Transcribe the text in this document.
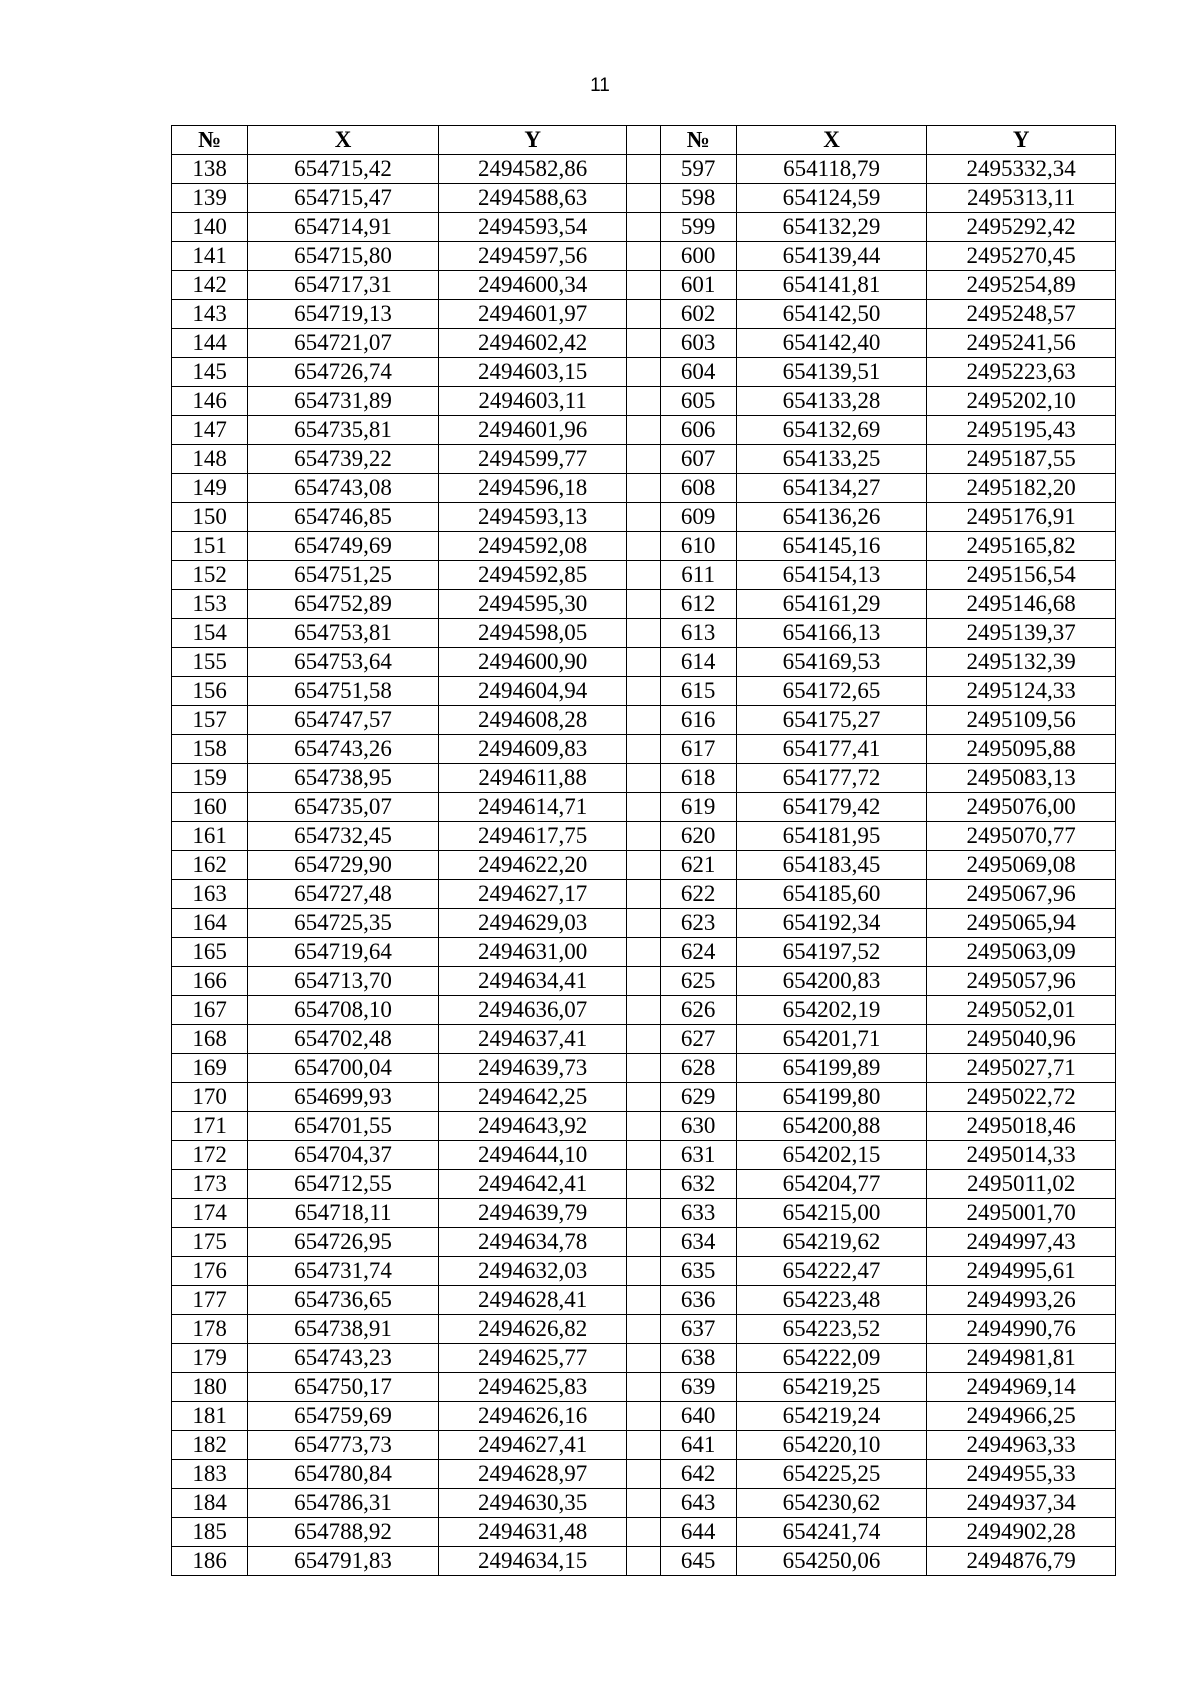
11
№	X	Y		№	X	Y
138	654715,42	2494582,86		597	654118,79	2495332,34
139	654715,47	2494588,63		598	654124,59	2495313,11
140	654714,91	2494593,54		599	654132,29	2495292,42
141	654715,80	2494597,56		600	654139,44	2495270,45
142	654717,31	2494600,34		601	654141,81	2495254,89
143	654719,13	2494601,97		602	654142,50	2495248,57
144	654721,07	2494602,42		603	654142,40	2495241,56
145	654726,74	2494603,15		604	654139,51	2495223,63
146	654731,89	2494603,11		605	654133,28	2495202,10
147	654735,81	2494601,96		606	654132,69	2495195,43
148	654739,22	2494599,77		607	654133,25	2495187,55
149	654743,08	2494596,18		608	654134,27	2495182,20
150	654746,85	2494593,13		609	654136,26	2495176,91
151	654749,69	2494592,08		610	654145,16	2495165,82
152	654751,25	2494592,85		611	654154,13	2495156,54
153	654752,89	2494595,30		612	654161,29	2495146,68
154	654753,81	2494598,05		613	654166,13	2495139,37
155	654753,64	2494600,90		614	654169,53	2495132,39
156	654751,58	2494604,94		615	654172,65	2495124,33
157	654747,57	2494608,28		616	654175,27	2495109,56
158	654743,26	2494609,83		617	654177,41	2495095,88
159	654738,95	2494611,88		618	654177,72	2495083,13
160	654735,07	2494614,71		619	654179,42	2495076,00
161	654732,45	2494617,75		620	654181,95	2495070,77
162	654729,90	2494622,20		621	654183,45	2495069,08
163	654727,48	2494627,17		622	654185,60	2495067,96
164	654725,35	2494629,03		623	654192,34	2495065,94
165	654719,64	2494631,00		624	654197,52	2495063,09
166	654713,70	2494634,41		625	654200,83	2495057,96
167	654708,10	2494636,07		626	654202,19	2495052,01
168	654702,48	2494637,41		627	654201,71	2495040,96
169	654700,04	2494639,73		628	654199,89	2495027,71
170	654699,93	2494642,25		629	654199,80	2495022,72
171	654701,55	2494643,92		630	654200,88	2495018,46
172	654704,37	2494644,10		631	654202,15	2495014,33
173	654712,55	2494642,41		632	654204,77	2495011,02
174	654718,11	2494639,79		633	654215,00	2495001,70
175	654726,95	2494634,78		634	654219,62	2494997,43
176	654731,74	2494632,03		635	654222,47	2494995,61
177	654736,65	2494628,41		636	654223,48	2494993,26
178	654738,91	2494626,82		637	654223,52	2494990,76
179	654743,23	2494625,77		638	654222,09	2494981,81
180	654750,17	2494625,83		639	654219,25	2494969,14
181	654759,69	2494626,16		640	654219,24	2494966,25
182	654773,73	2494627,41		641	654220,10	2494963,33
183	654780,84	2494628,97		642	654225,25	2494955,33
184	654786,31	2494630,35		643	654230,62	2494937,34
185	654788,92	2494631,48		644	654241,74	2494902,28
186	654791,83	2494634,15		645	654250,06	2494876,79
